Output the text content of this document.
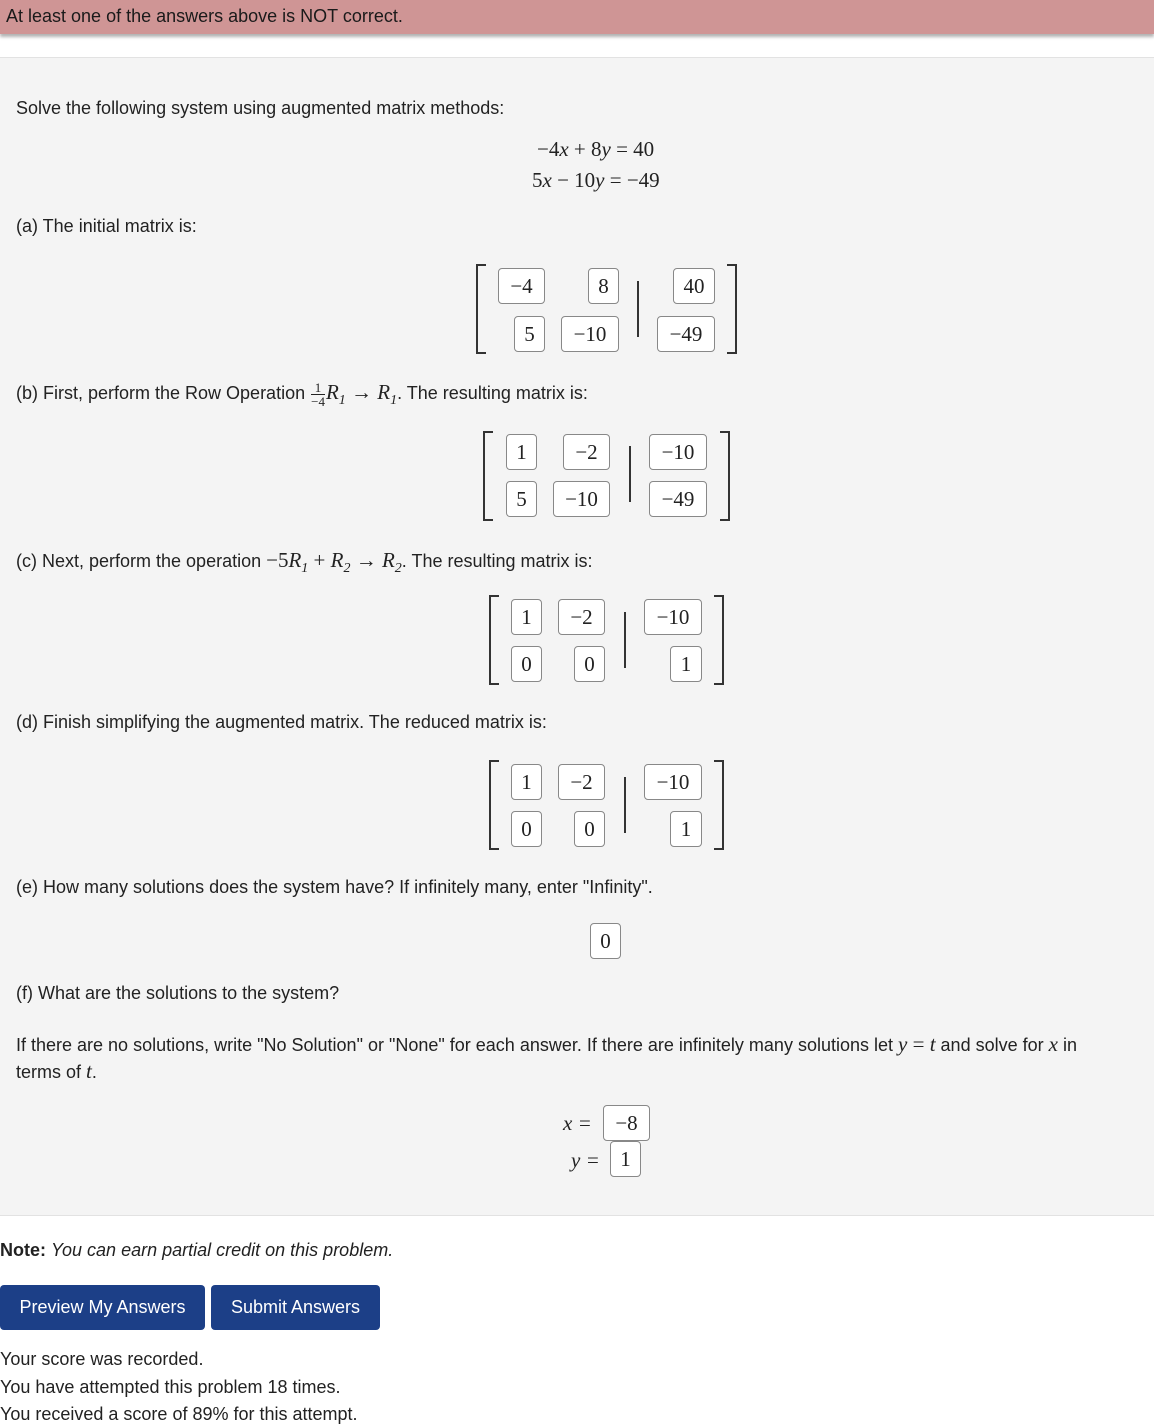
At least one of the answers above is NOT correct.
Solve the following system using augmented matrix methods:
−4x + 8y = 40
5x − 10y = −49
(a) The initial matrix is:
−4	8	40
5	−10	−49
(b) First, perform the Row Operation $\frac{1}{-4} R_1 \to R_1$. The resulting matrix is:
1	−2	−10
5	−10	−49
(c) Next, perform the operation $-5R_1 + R_2 \to R_2$. The resulting matrix is:
1	−2	−10
0	0	1
(d) Finish simplifying the augmented matrix. The reduced matrix is:
1	−2	−10
0	0	1
(e) How many solutions does the system have? If infinitely many, enter "Infinity".
0
(f) What are the solutions to the system?
If there are no solutions, write "No Solution" or "None" for each answer. If there are infinitely many solutions let y = t and solve for x in
terms of t.
x =	−8
y = 1
Note: You can earn partial credit on this problem.
Preview My Answers	Submit Answers
Your score was recorded.
You have attempted this problem 18 times.
You received a score of 89% for this attempt.
